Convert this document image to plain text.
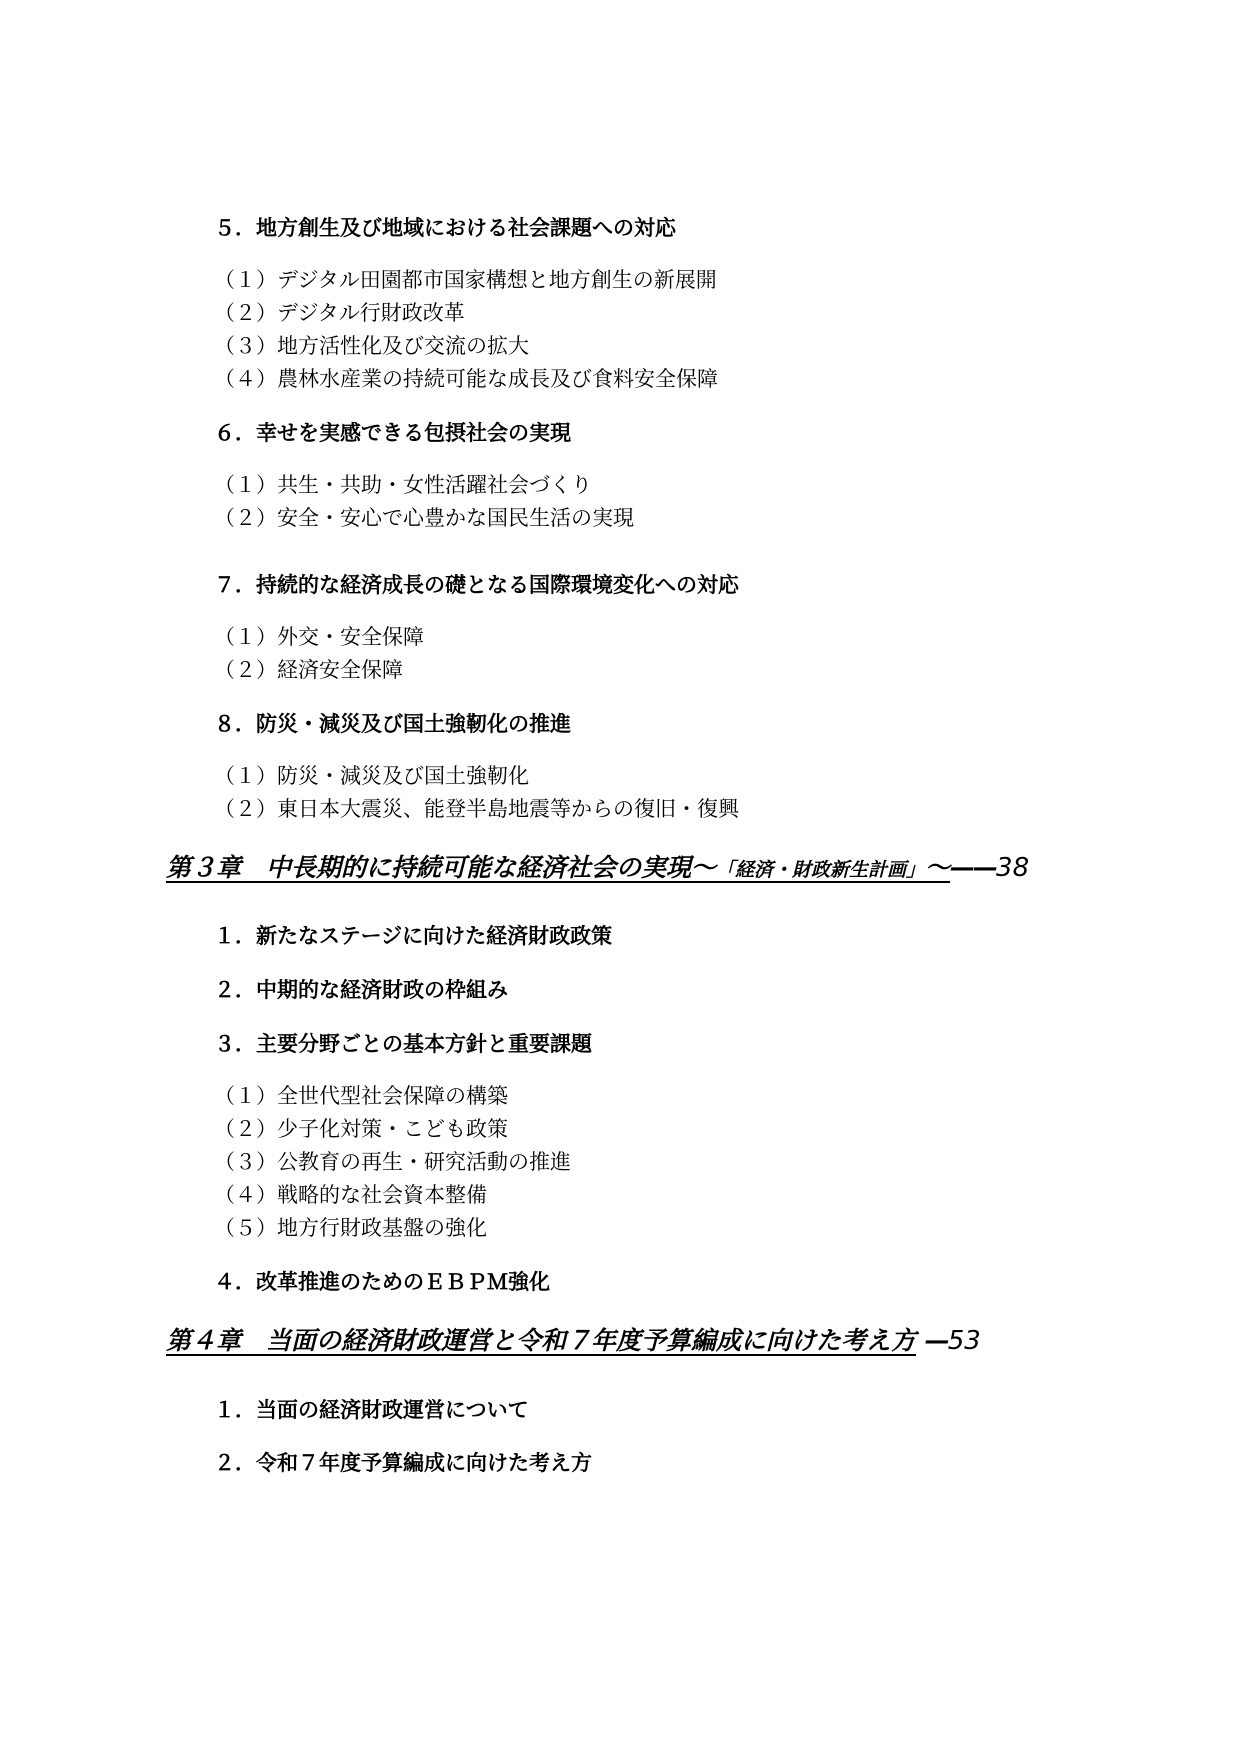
５．地方創生及び地域における社会課題への対応
（１）デジタル田園都市国家構想と地方創生の新展開
（２）デジタル行財政改革
（３）地方活性化及び交流の拡大
（４）農林水産業の持続可能な成長及び食料安全保障
６．幸せを実感できる包摂社会の実現
（１）共生・共助・女性活躍社会づくり
（２）安全・安心で心豊かな国民生活の実現
７．持続的な経済成長の礎となる国際環境変化への対応
（１）外交・安全保障
（２）経済安全保障
８．防災・減災及び国土強靭化の推進
（１）防災・減災及び国土強靭化
（２）東日本大震災、能登半島地震等からの復旧・復興
第３章　中長期的に持続可能な経済社会の実現～「経済・財政新生計画」～——38
１．新たなステージに向けた経済財政政策
２．中期的な経済財政の枠組み
３．主要分野ごとの基本方針と重要課題
（１）全世代型社会保障の構築
（２）少子化対策・こども政策
（３）公教育の再生・研究活動の推進
（４）戦略的な社会資本整備
（５）地方行財政基盤の強化
４．改革推進のためのＥＢＰＭ強化
第４章　当面の経済財政運営と令和７年度予算編成に向けた考え方 —53
１．当面の経済財政運営について
２．令和７年度予算編成に向けた考え方
